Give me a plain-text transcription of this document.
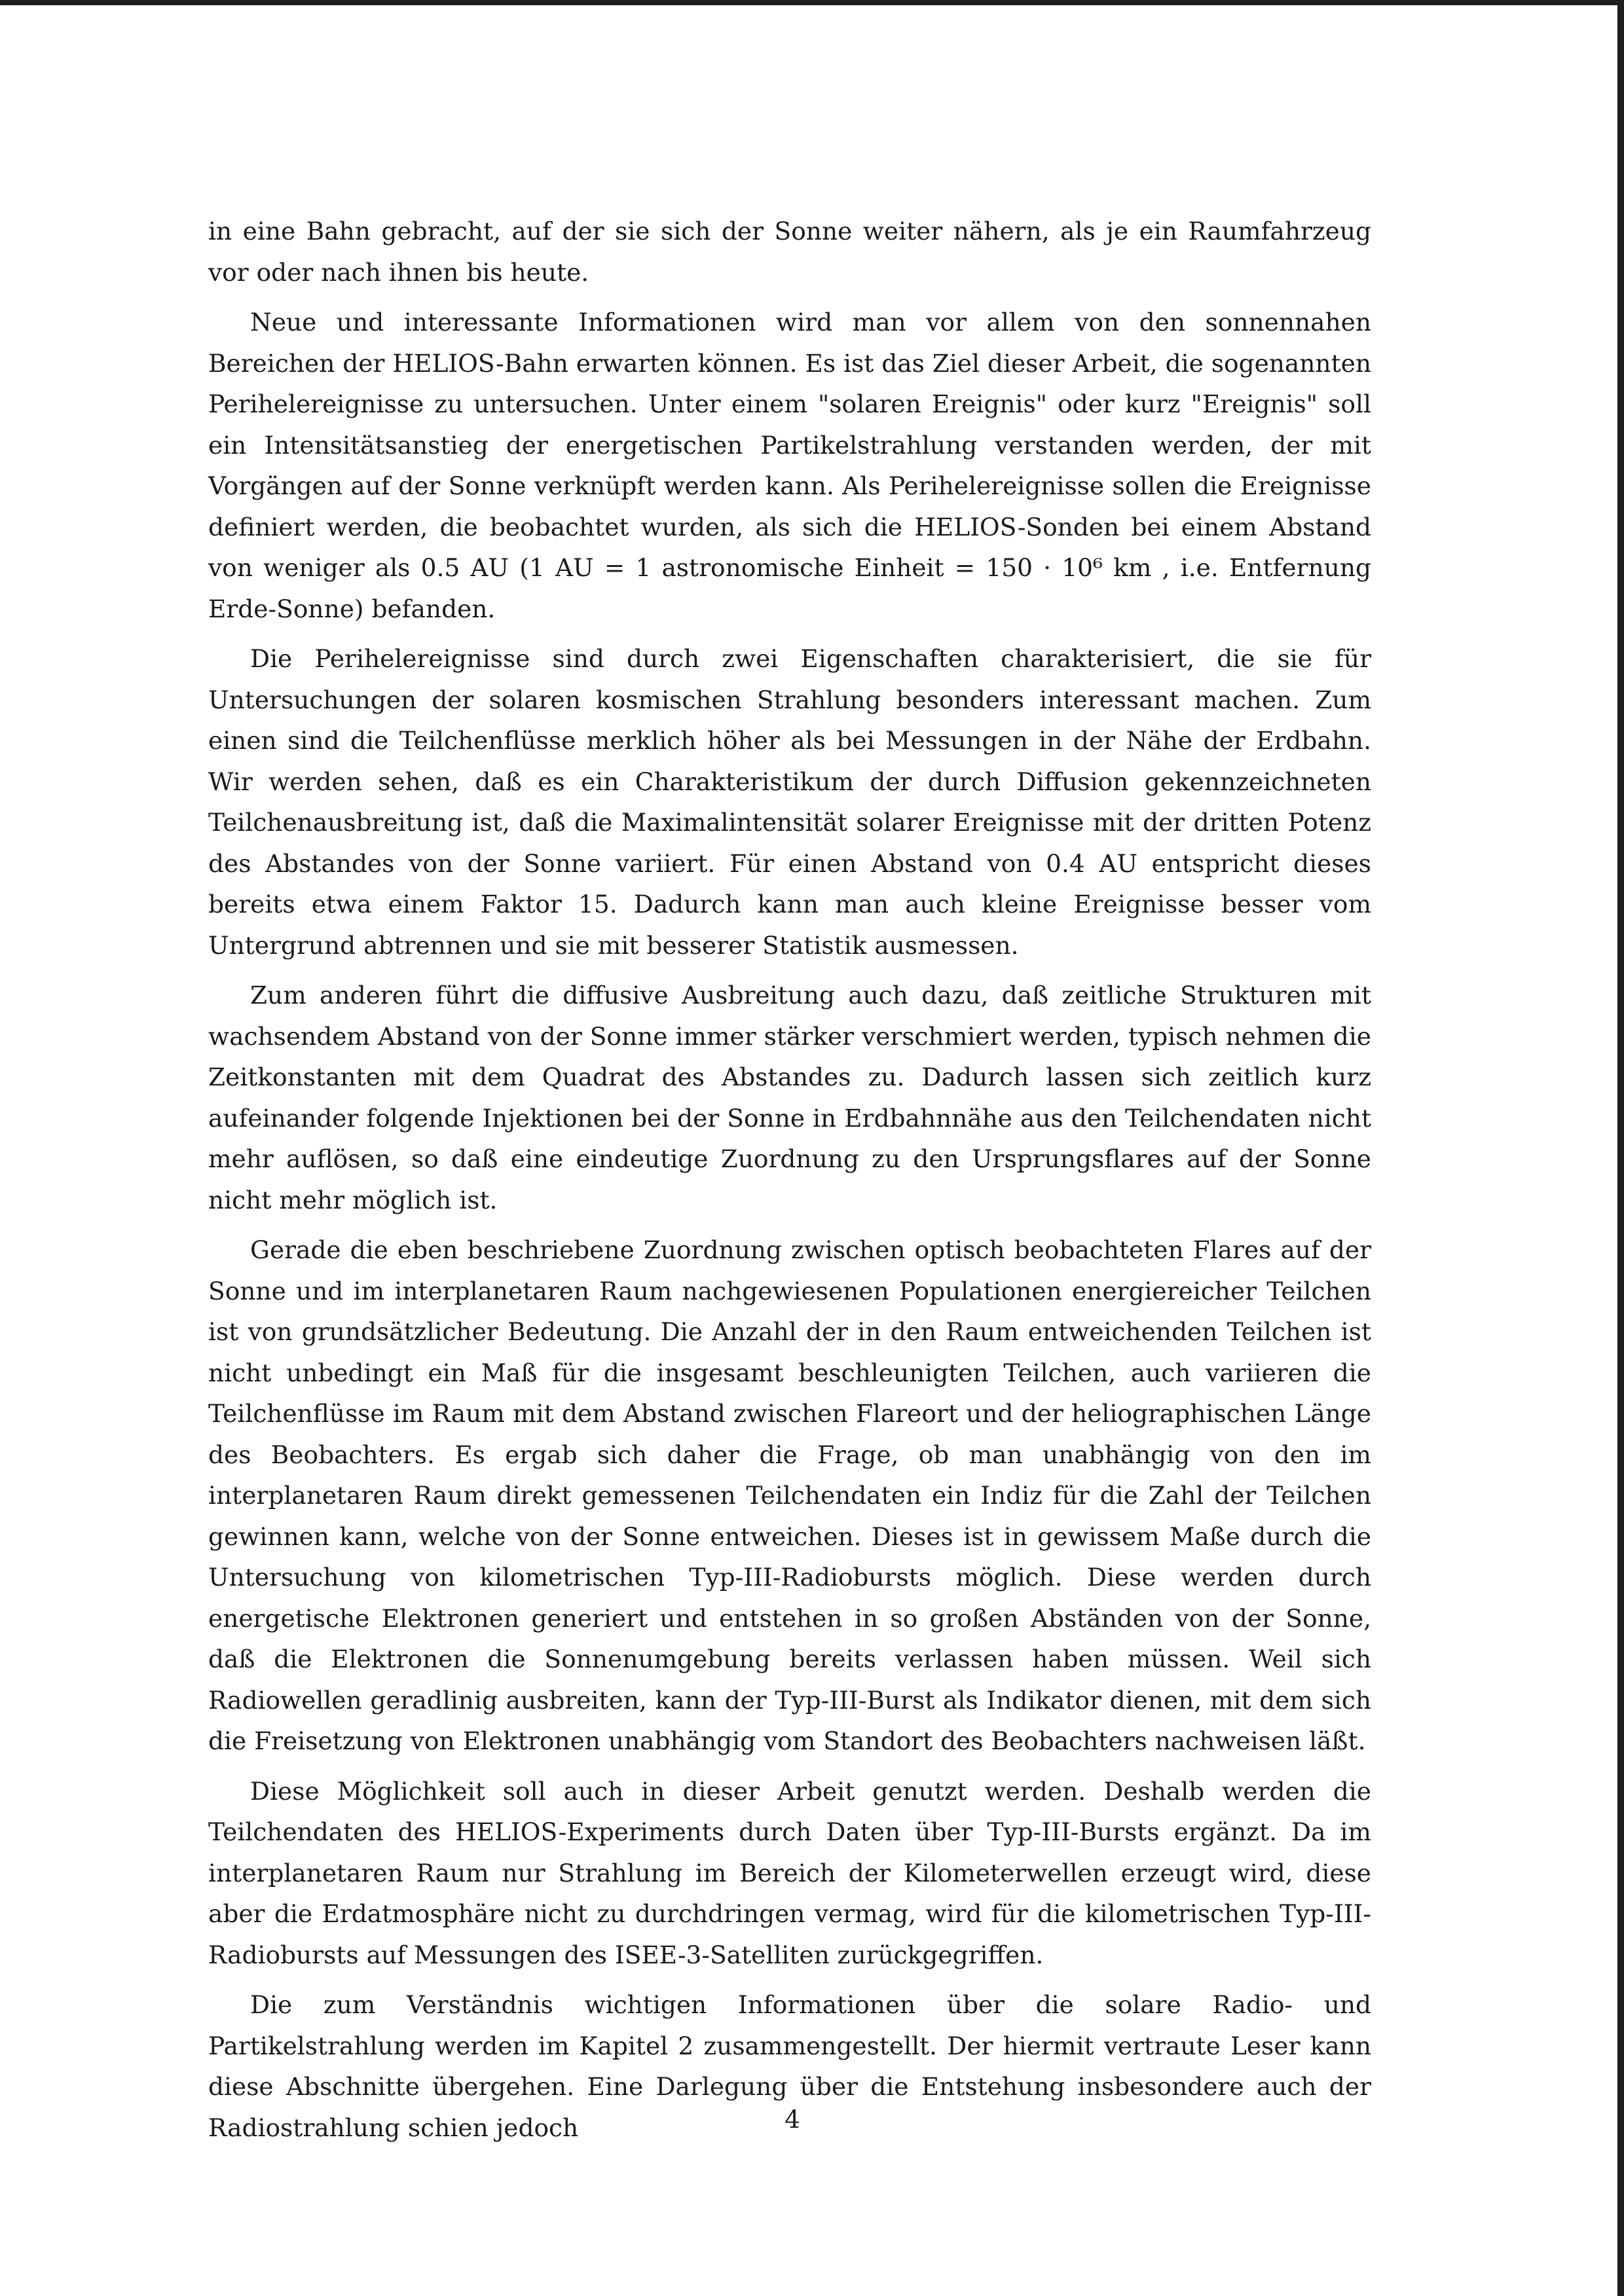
in eine Bahn gebracht, auf der sie sich der Sonne weiter nähern, als je ein Raumfahrzeug vor oder nach ihnen bis heute.

Neue und interessante Informationen wird man vor allem von den sonnennahen Bereichen der HELIOS-Bahn erwarten können. Es ist das Ziel dieser Arbeit, die sogenannten Perihelereignisse zu untersuchen. Unter einem "solaren Ereignis" oder kurz "Ereignis" soll ein Intensitätsanstieg der energetischen Partikelstrahlung verstanden werden, der mit Vorgängen auf der Sonne verknüpft werden kann. Als Perihelereignisse sollen die Ereignisse definiert werden, die beobachtet wurden, als sich die HELIOS-Sonden bei einem Abstand von weniger als 0.5 AU (1 AU = 1 astronomische Einheit = 150 · 10⁶ km , i.e. Entfernung Erde-Sonne) befanden.

Die Perihelereignisse sind durch zwei Eigenschaften charakterisiert, die sie für Untersuchungen der solaren kosmischen Strahlung besonders interessant machen. Zum einen sind die Teilchenflüsse merklich höher als bei Messungen in der Nähe der Erdbahn. Wir werden sehen, daß es ein Charakteristikum der durch Diffusion gekennzeichneten Teilchenausbreitung ist, daß die Maximalintensität solarer Ereignisse mit der dritten Potenz des Abstandes von der Sonne variiert. Für einen Abstand von 0.4 AU entspricht dieses bereits etwa einem Faktor 15. Dadurch kann man auch kleine Ereignisse besser vom Untergrund abtrennen und sie mit besserer Statistik ausmessen.

Zum anderen führt die diffusive Ausbreitung auch dazu, daß zeitliche Strukturen mit wachsendem Abstand von der Sonne immer stärker verschmiert werden, typisch nehmen die Zeitkonstanten mit dem Quadrat des Abstandes zu. Dadurch lassen sich zeitlich kurz aufeinander folgende Injektionen bei der Sonne in Erdbahnnähe aus den Teilchendaten nicht mehr auflösen, so daß eine eindeutige Zuordnung zu den Ursprungsflares auf der Sonne nicht mehr möglich ist.

Gerade die eben beschriebene Zuordnung zwischen optisch beobachteten Flares auf der Sonne und im interplanetaren Raum nachgewiesenen Populationen energiereicher Teilchen ist von grundsätzlicher Bedeutung. Die Anzahl der in den Raum entweichenden Teilchen ist nicht unbedingt ein Maß für die insgesamt beschleunigten Teilchen, auch variieren die Teilchenflüsse im Raum mit dem Abstand zwischen Flareort und der heliographischen Länge des Beobachters. Es ergab sich daher die Frage, ob man unabhängig von den im interplanetaren Raum direkt gemessenen Teilchendaten ein Indiz für die Zahl der Teilchen gewinnen kann, welche von der Sonne entweichen. Dieses ist in gewissem Maße durch die Untersuchung von kilometrischen Typ-III-Radiobursts möglich. Diese werden durch energetische Elektronen generiert und entstehen in so großen Abständen von der Sonne, daß die Elektronen die Sonnenumgebung bereits verlassen haben müssen. Weil sich Radiowellen geradlinig ausbreiten, kann der Typ-III-Burst als Indikator dienen, mit dem sich die Freisetzung von Elektronen unabhängig vom Standort des Beobachters nachweisen läßt.

Diese Möglichkeit soll auch in dieser Arbeit genutzt werden. Deshalb werden die Teilchendaten des HELIOS-Experiments durch Daten über Typ-III-Bursts ergänzt. Da im interplanetaren Raum nur Strahlung im Bereich der Kilometerwellen erzeugt wird, diese aber die Erdatmosphäre nicht zu durchdringen vermag, wird für die kilometrischen Typ-III-Radiobursts auf Messungen des ISEE-3-Satelliten zurückgegriffen.

Die zum Verständnis wichtigen Informationen über die solare Radio- und Partikelstrahlung werden im Kapitel 2 zusammengestellt. Der hiermit vertraute Leser kann diese Abschnitte übergehen. Eine Darlegung über die Entstehung insbesondere auch der Radiostrahlung schien jedoch	4
